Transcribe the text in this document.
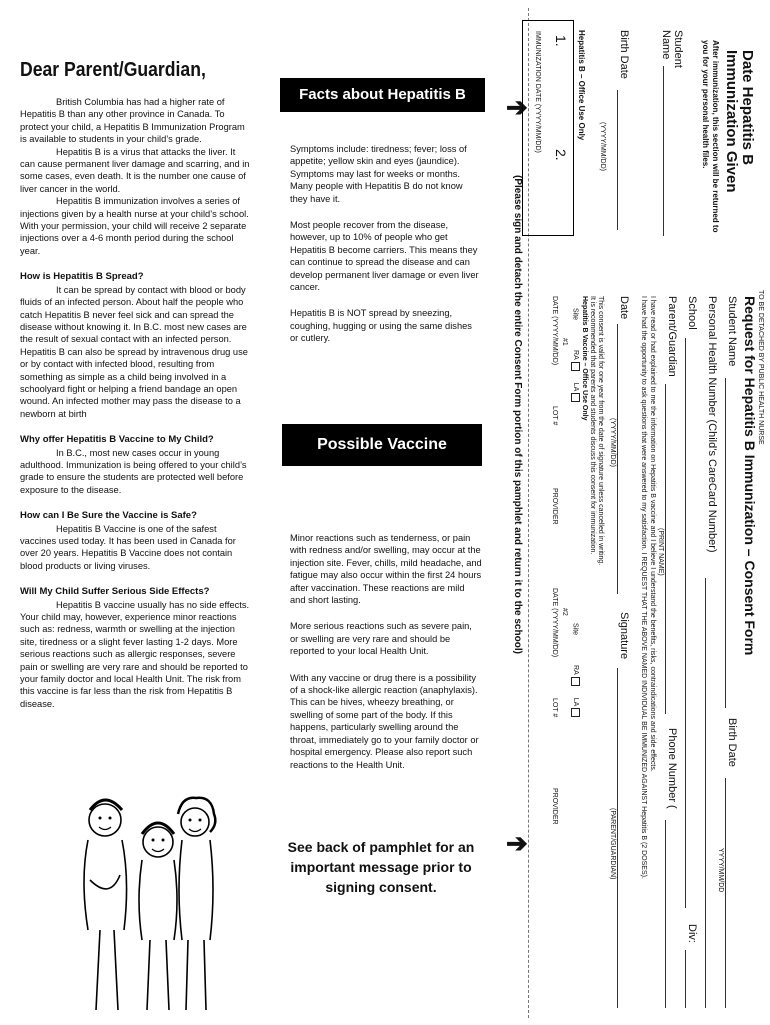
Dear Parent/Guardian,

British Columbia has had a higher rate of Hepatitis B than any other province in Canada. To protect your child, a Hepatitis B Immunization Program is available to students in your child’s grade.

Hepatitis B is a virus that attacks the liver. It can cause permanent liver damage and scarring, and in some cases, even death. It is the number one cause of liver cancer in the world.

Hepatitis B immunization involves a series of injections given by a health nurse at your child’s school. With your permission, your child will receive 2 separate injections over a 4-6 month period during the school year.

How is Hepatitis B Spread?

It can be spread by contact with blood or body fluids of an infected person. About half the people who catch Hepatitis B never feel sick and can spread the disease without knowing it. In B.C. most new cases are the result of sexual contact with an infected person. Hepatitis B can also be spread by intravenous drug use or by contact with infected blood, resulting from something as simple as a child being involved in a schoolyard fight or helping a friend bandage an open wound. An infected mother may pass the disease to a newborn at birth

Why offer Hepatitis B Vaccine to My Child?

In B.C., most new cases occur in young adulthood. Immunization is being offered to your child’s grade to ensure the students are protected well before exposure to the disease.

How can I Be Sure the Vaccine is Safe?

Hepatitis B Vaccine is one of the safest vaccines used today. It has been used in Canada for over 20 years. Hepatitis B Vaccine does not contain blood products or living viruses.

Will My Child Suffer Serious Side Effects?

Hepatitis B vaccine usually has no side effects. Your child may, however, experience minor reactions such as: redness, warmth or swelling at the injection site, tiredness or a slight fever lasting 1-2 days. More serious reactions such as allergic responses, severe pain or swelling are very rare and should be reported to your family doctor and local Health Unit. The risk from this vaccine is far less than the risk from Hepatitis B disease.

Facts about Hepatitis B Infection

Symptoms include: tiredness; fever; loss of appetite; yellow skin and eyes (jaundice). Symptoms may last for weeks or months. Many people with Hepatitis B do not know they have it.

Most people recover from the disease, however, up to 10% of people who get Hepatitis B become carriers. This means they can continue to spread the disease and can develop permanent liver damage or even liver cancer.

Hepatitis B is NOT spread by sneezing, coughing, hugging or using the same dishes or cutlery.

Possible Vaccine Reactions

Minor reactions such as tenderness, or pain with redness and/or swelling, may occur at the injection site. Fever, chills, mild headache, and fatigue may also occur within the first 24 hours after vaccination. These reactions are mild and short lasting.

More serious reactions such as severe pain, or swelling are very rare and should be reported to your local Health Unit.

With any vaccine or drug there is a possibility of a shock-like allergic reaction (anaphylaxis). This can be hives, wheezy breathing, or swelling of some part of the body. If this happens, particularly swelling around the throat, immediately go to your family doctor or hospital emergency. Please also report such reactions to the Health Unit.

See back of pamphlet for an important message prior to signing consent.
➔
➔
(Please sign and detach the entire Consent Form portion of this pamphlet and return it to the school)
Date Hepatitis B
Immunization Given
After immunization, this section will be returned to you for your personal health files.
Student Name
Birth Date
(YYYY/MM/DD)
Hepatitis B – Office Use Only
1.
2.
IMMUNIZATION DATE (YYYY/MM/DD)
TO BE DETACHED BY PUBLIC HEALTH NURSE
Request for Hepatitis B Immunization – Consent Form
Student Name
Birth Date
YYYY/MM/DD
Personal Health Number (Child’s CareCard Number)
School
Div:
Parent/Guardian
(PRINT NAME)
Phone Number (
I have read or had explained to me the information on Hepatitis B vaccine and I believe I understand the benefits, risks, contraindications and side effects.
I have had the opportunity to ask questions that were answered to my satisfaction. I REQUEST THAT THE ABOVE NAMED INDIVIDUAL BE IMMUNIZED AGAINST Hepatitis B (2 DOSES).
Date
(YYYY/MM/DD)
Signature
(PARENT/GUARDIAN)
This consent is valid for one year from the date of signature unless cancelled in writing.
It is recommended that parents and students discuss this consent for immunization.
Hepatitis B Vaccine – Office Use Only
Site RA LA
#1
DATE (YYYY/MM/DD)
LOT #
PROVIDER
Site RA LA
#2
DATE (YYYY/MM/DD)
LOT #
PROVIDER
